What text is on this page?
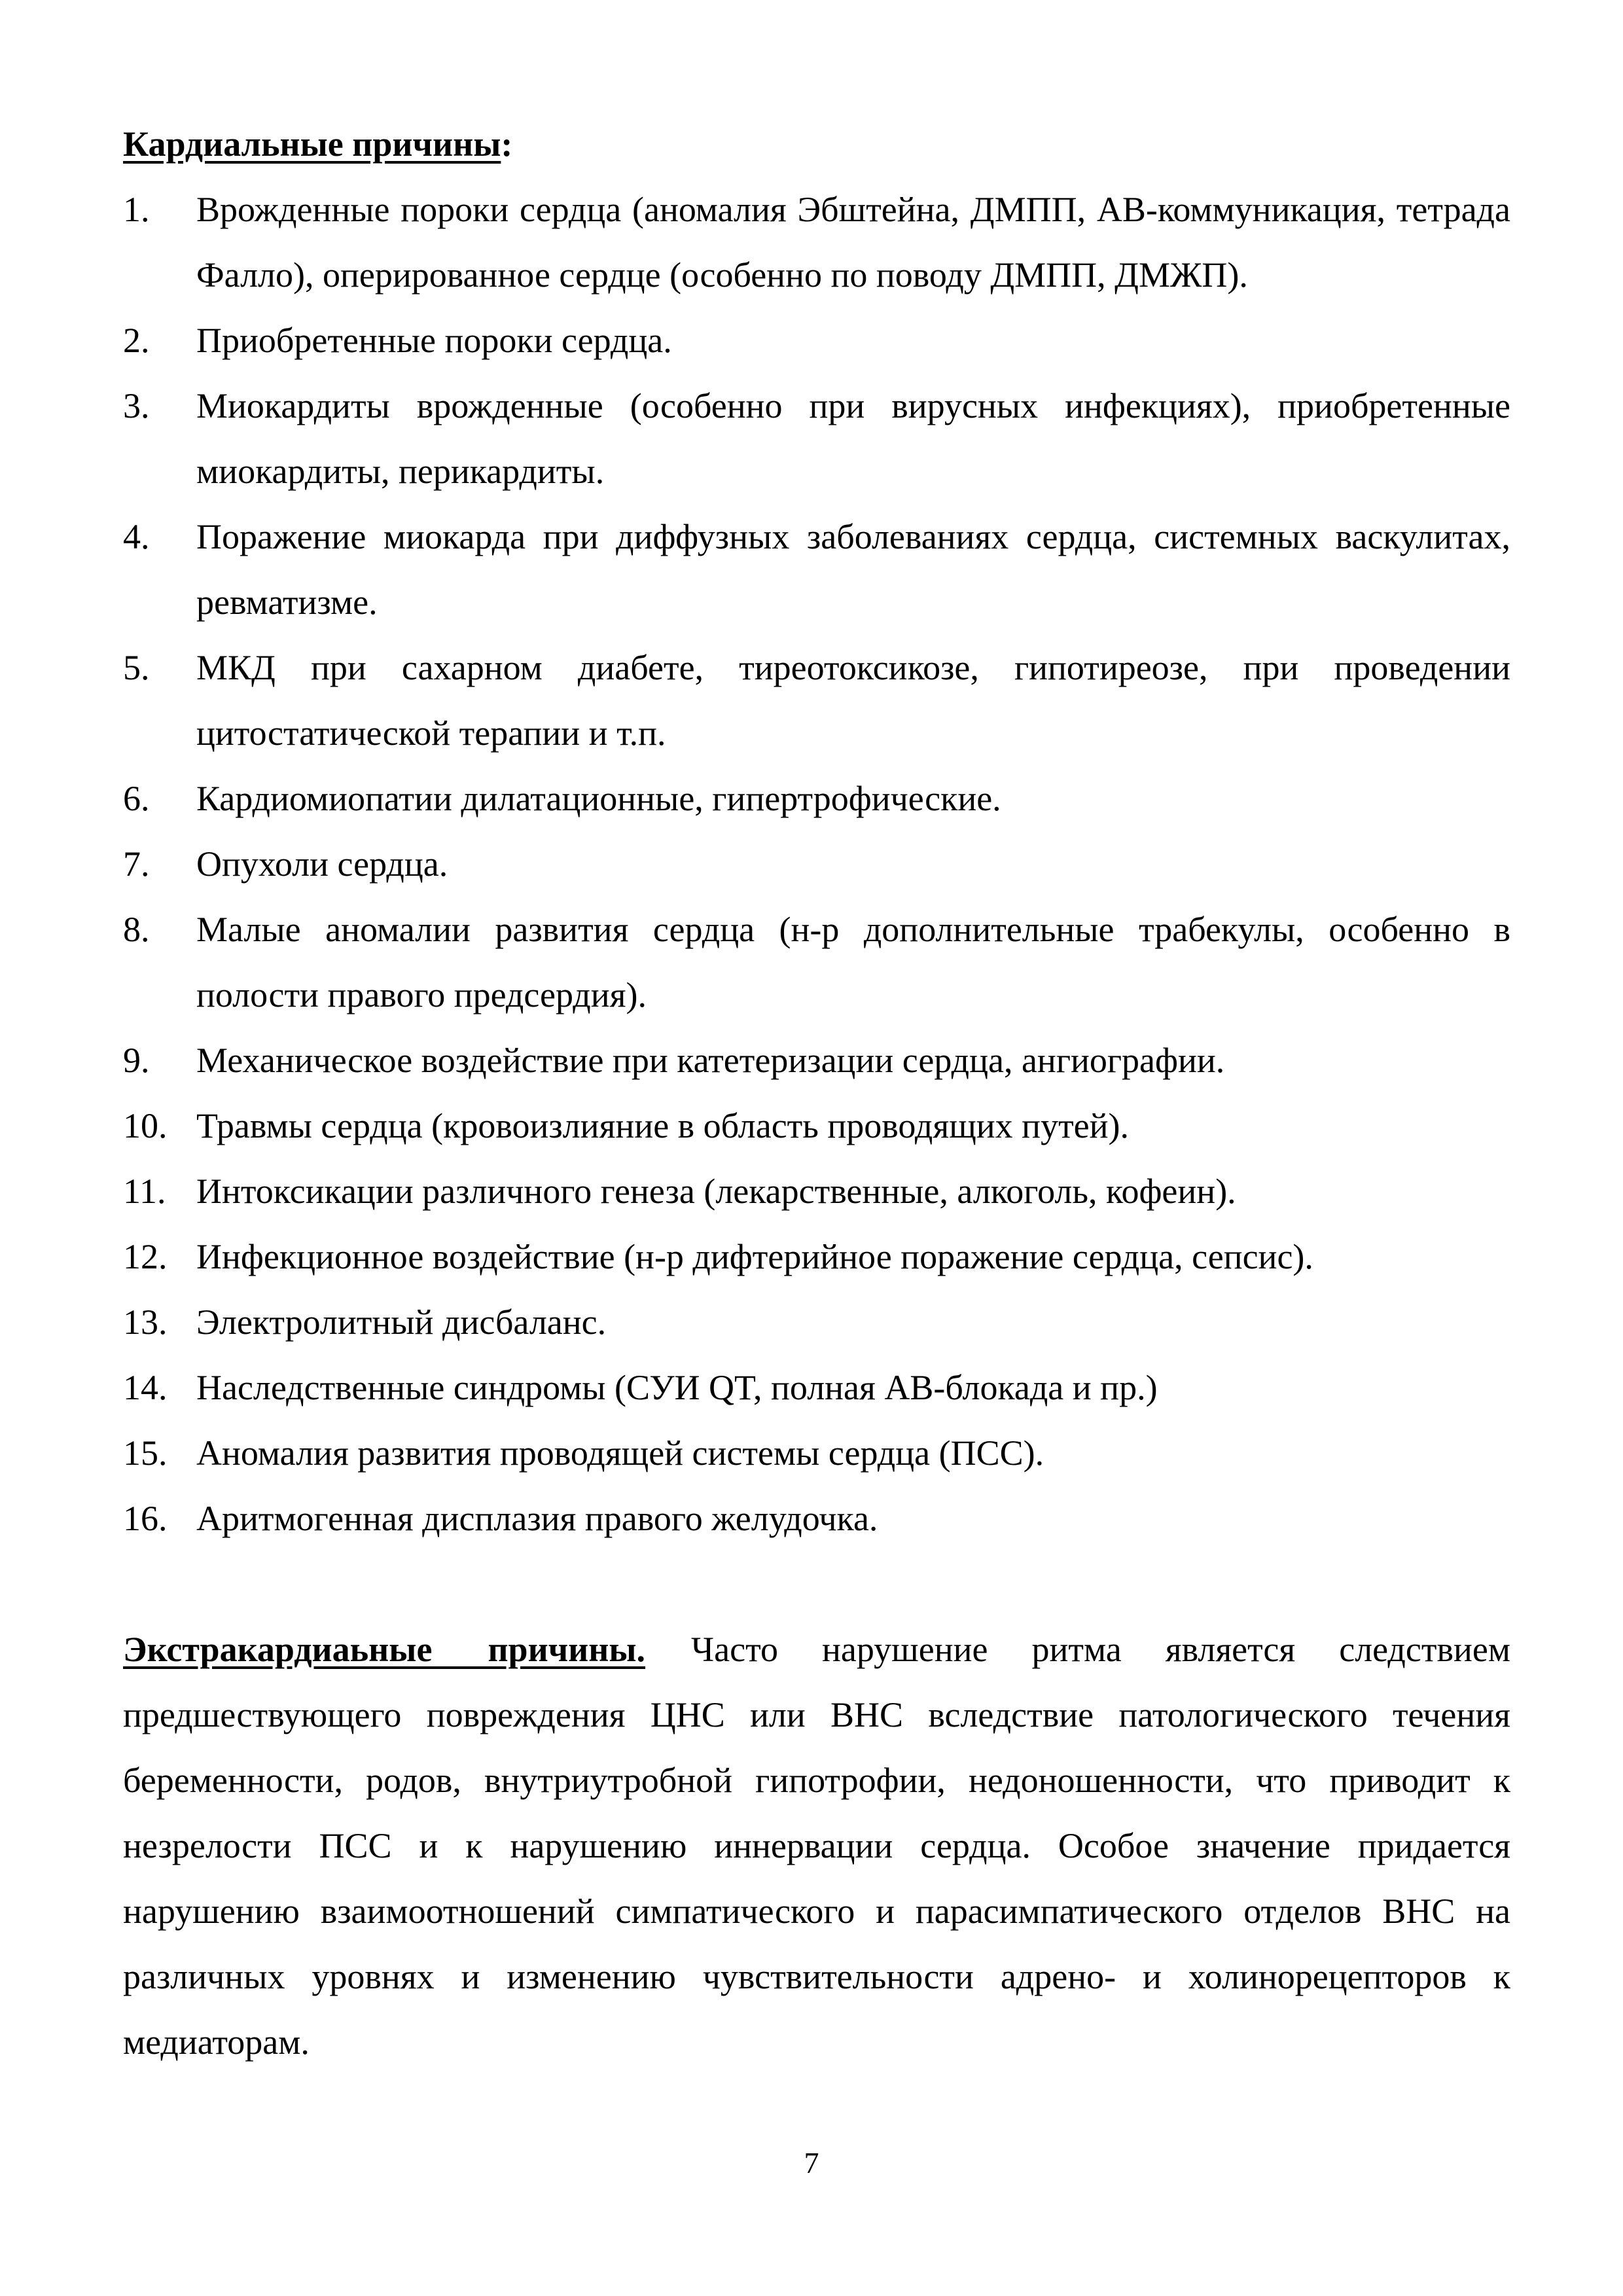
Кардиальные причины:

1. Врожденные пороки сердца (аномалия Эбштейна, ДМПП, АВ-коммуникация, тетрада Фалло), оперированное сердце (особенно по поводу ДМПП, ДМЖП).
2. Приобретенные пороки сердца.
3. Миокардиты врожденные (особенно при вирусных инфекциях), приобретенные миокардиты, перикардиты.
4. Поражение миокарда при диффузных заболеваниях сердца, системных васкулитах, ревматизме.
5. МКД при сахарном диабете, тиреотоксикозе, гипотиреозе, при проведении цитостатической терапии и т.п.
6. Кардиомиопатии дилатационные, гипертрофические.
7. Опухоли сердца.
8. Малые аномалии развития сердца (н-р дополнительные трабекулы, особенно в полости правого предсердия).
9. Механическое воздействие при катетеризации сердца, ангиографии.
10. Травмы сердца (кровоизлияние в область проводящих путей).
11. Интоксикации различного генеза (лекарственные, алкоголь, кофеин).
12. Инфекционное воздействие (н-р дифтерийное поражение сердца, сепсис).
13. Электролитный дисбаланс.
14. Наследственные синдромы (СУИ QT, полная АВ-блокада и пр.)
15. Аномалия развития проводящей системы сердца (ПСС).
16. Аритмогенная дисплазия правого желудочка.

Экстракардиаьные причины. Часто нарушение ритма является следствием предшествующего повреждения ЦНС или ВНС вследствие патологического течения беременности, родов, внутриутробной гипотрофии, недоношенности, что приводит к незрелости ПСС и к нарушению иннервации сердца. Особое значение придается нарушению взаимоотношений симпатического и парасимпатического отделов ВНС на различных уровнях и изменению чувствительности адрено- и холинорецепторов к медиаторам.

7
